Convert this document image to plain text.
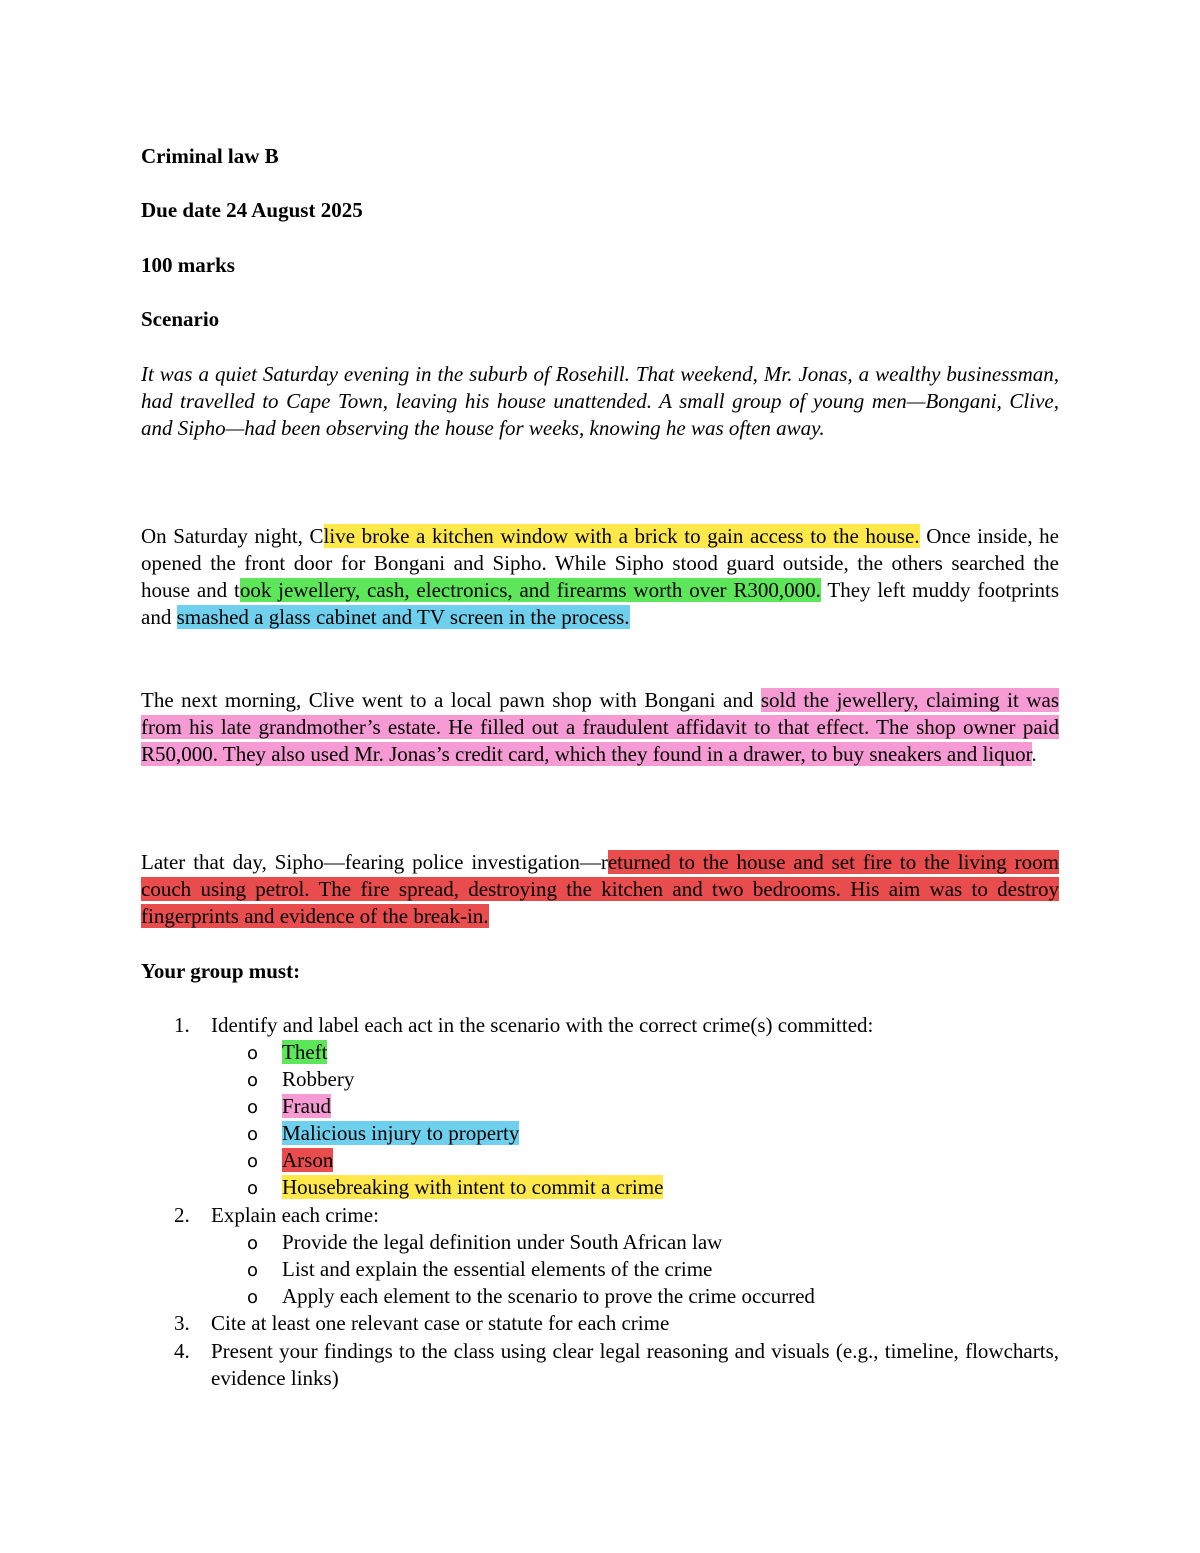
Criminal law B
Due date 24 August 2025
100 marks
Scenario
It was a quiet Saturday evening in the suburb of Rosehill. That weekend, Mr. Jonas, a wealthy businessman, had travelled to Cape Town, leaving his house unattended. A small group of young men—Bongani, Clive, and Sipho—had been observing the house for weeks, knowing he was often away.
On Saturday night, Clive broke a kitchen window with a brick to gain access to the house. Once inside, he opened the front door for Bongani and Sipho. While Sipho stood guard outside, the others searched the house and took jewellery, cash, electronics, and firearms worth over R300,000. They left muddy footprints and smashed a glass cabinet and TV screen in the process.
The next morning, Clive went to a local pawn shop with Bongani and sold the jewellery, claiming it was from his late grandmother’s estate. He filled out a fraudulent affidavit to that effect. The shop owner paid R50,000. They also used Mr. Jonas’s credit card, which they found in a drawer, to buy sneakers and liquor.
Later that day, Sipho—fearing police investigation—returned to the house and set fire to the living room couch using petrol. The fire spread, destroying the kitchen and two bedrooms. His aim was to destroy fingerprints and evidence of the break-in.
Your group must:
1.	Identify and label each act in the scenario with the correct crime(s) committed:
o Theft
o Robbery
o Fraud
o Malicious injury to property
o Arson
o Housebreaking with intent to commit a crime
2.	Explain each crime:
o Provide the legal definition under South African law
o List and explain the essential elements of the crime
o Apply each element to the scenario to prove the crime occurred
3.	Cite at least one relevant case or statute for each crime
4.	Present your findings to the class using clear legal reasoning and visuals (e.g., timeline, flowcharts, evidence links)
